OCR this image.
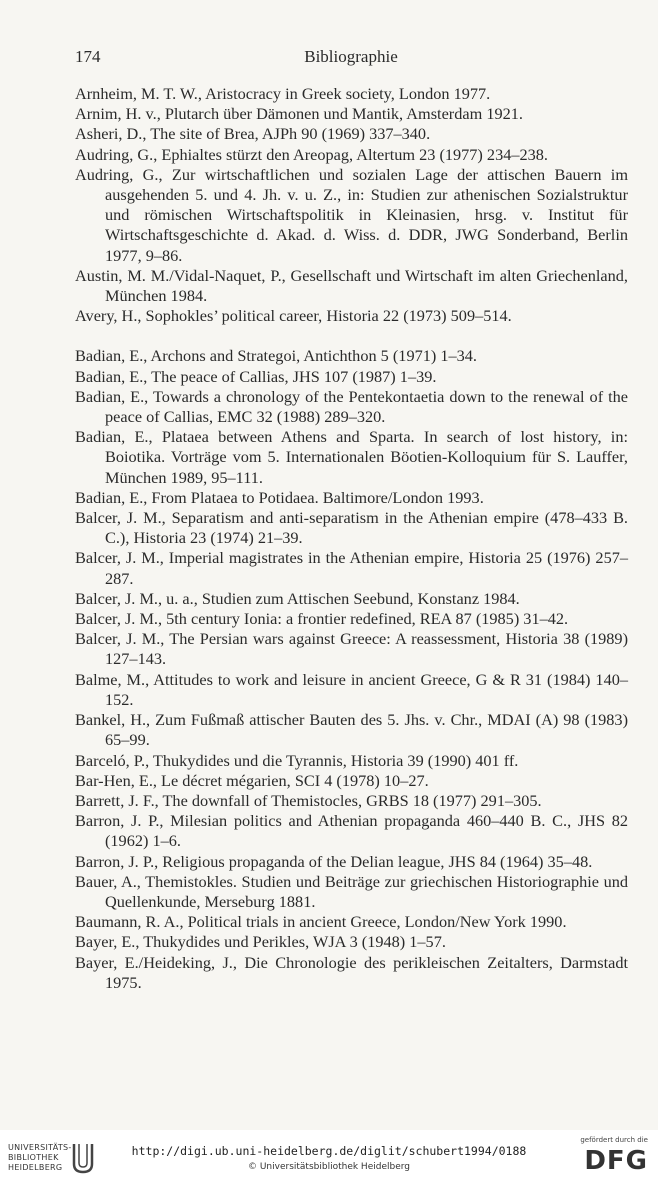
174	Bibliographie
Arnheim, M. T. W., Aristocracy in Greek society, London 1977.
Arnim, H. v., Plutarch über Dämonen und Mantik, Amsterdam 1921.
Asheri, D., The site of Brea, AJPh 90 (1969) 337–340.
Audring, G., Ephialtes stürzt den Areopag, Altertum 23 (1977) 234–238.
Audring, G., Zur wirtschaftlichen und sozialen Lage der attischen Bauern im ausgehenden 5. und 4. Jh. v. u. Z., in: Studien zur athenischen Sozialstruktur und römischen Wirtschaftspolitik in Kleinasien, hrsg. v. Institut für Wirtschaftsgeschichte d. Akad. d. Wiss. d. DDR, JWG Sonderband, Berlin 1977, 9–86.
Austin, M. M./Vidal-Naquet, P., Gesellschaft und Wirtschaft im alten Griechenland, München 1984.
Avery, H., Sophokles’ political career, Historia 22 (1973) 509–514.
Badian, E., Archons and Strategoi, Antichthon 5 (1971) 1–34.
Badian, E., The peace of Callias, JHS 107 (1987) 1–39.
Badian, E., Towards a chronology of the Pentekontaetia down to the renewal of the peace of Callias, EMC 32 (1988) 289–320.
Badian, E., Plataea between Athens and Sparta. In search of lost history, in: Boiotika. Vorträge vom 5. Internationalen Böotien-Kolloquium für S. Lauffer, München 1989, 95–111.
Badian, E., From Plataea to Potidaea. Baltimore/London 1993.
Balcer, J. M., Separatism and anti-separatism in the Athenian empire (478–433 B. C.), Historia 23 (1974) 21–39.
Balcer, J. M., Imperial magistrates in the Athenian empire, Historia 25 (1976) 257–287.
Balcer, J. M., u. a., Studien zum Attischen Seebund, Konstanz 1984.
Balcer, J. M., 5th century Ionia: a frontier redefined, REA 87 (1985) 31–42.
Balcer, J. M., The Persian wars against Greece: A reassessment, Historia 38 (1989) 127–143.
Balme, M., Attitudes to work and leisure in ancient Greece, G & R 31 (1984) 140–152.
Bankel, H., Zum Fußmaß attischer Bauten des 5. Jhs. v. Chr., MDAI (A) 98 (1983) 65–99.
Barceló, P., Thukydides und die Tyrannis, Historia 39 (1990) 401 ff.
Bar-Hen, E., Le décret mégarien, SCI 4 (1978) 10–27.
Barrett, J. F., The downfall of Themistocles, GRBS 18 (1977) 291–305.
Barron, J. P., Milesian politics and Athenian propaganda 460–440 B. C., JHS 82 (1962) 1–6.
Barron, J. P., Religious propaganda of the Delian league, JHS 84 (1964) 35–48.
Bauer, A., Themistokles. Studien und Beiträge zur griechischen Historiographie und Quellenkunde, Merseburg 1881.
Baumann, R. A., Political trials in ancient Greece, London/New York 1990.
Bayer, E., Thukydides und Perikles, WJA 3 (1948) 1–57.
Bayer, E./Heideking, J., Die Chronologie des perikleischen Zeitalters, Darmstadt 1975.
UNIVERSITÄTS-
BIBLIOTHEK
HEIDELBERG
http://digi.ub.uni-heidelberg.de/diglit/schubert1994/0188
© Universitätsbibliothek Heidelberg
gefördert durch die
DFG
